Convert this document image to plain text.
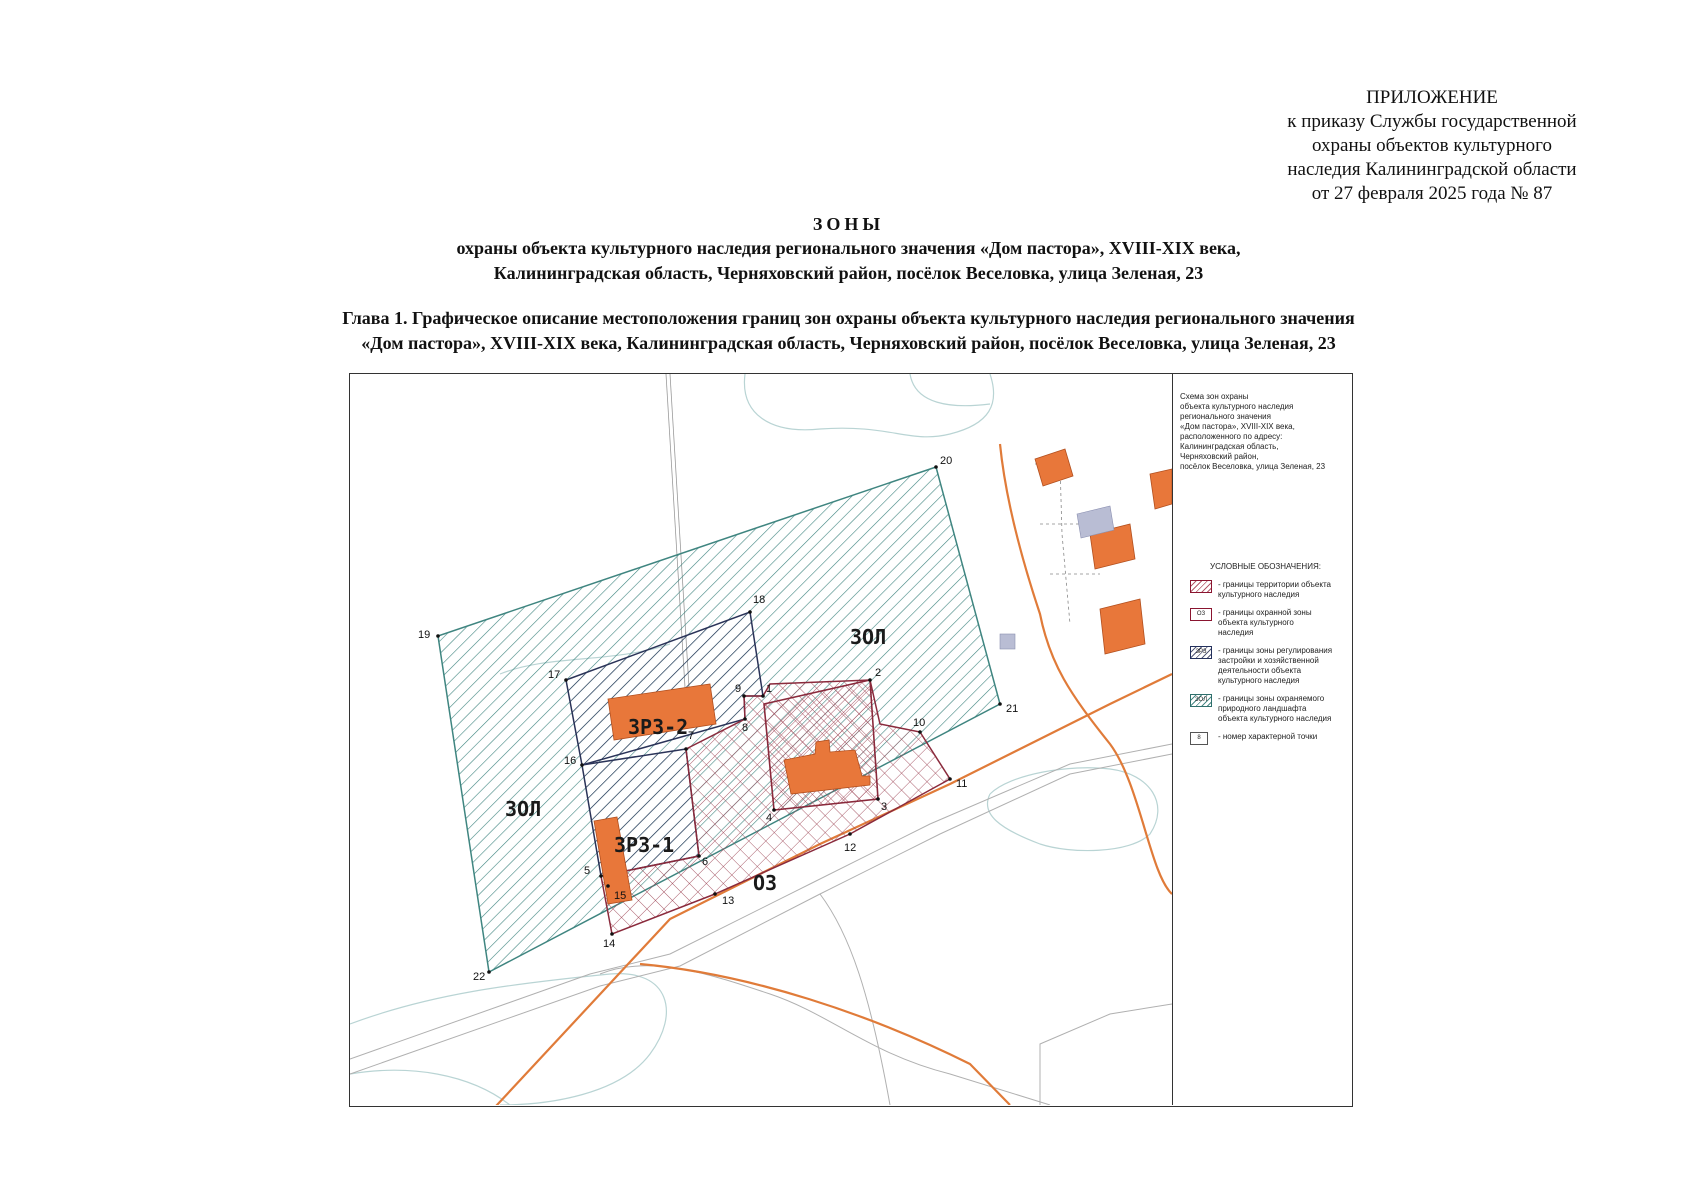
ПРИЛОЖЕНИЕ
к приказу Службы государственной
охраны объектов культурного
наследия Калининградской области
от 27 февраля 2025 года № 87
ЗОНЫ
охраны объекта культурного наследия регионального значения «Дом пастора», XVIII-XIX века,
Калининградская область, Черняховский район, посёлок Веселовка, улица Зеленая, 23
Глава 1. Графическое описание местоположения границ зон охраны объекта культурного наследия регионального значения
«Дом пастора», XVIII-XIX века, Калининградская область, Черняховский район, посёлок Веселовка, улица Зеленая, 23
ЗОЛ
ЗОЛ
ЗРЗ-2
ЗРЗ-1
ОЗ
1
2
3
4
5
6
7
8
9
10
11
12
13
14
15
16
17
18
19
20
21
22
Схема зон охраны
объекта культурного наследия
регионального значения
«Дом пастора», XVIII-XIX века,
расположенного по адресу:
Калининградская область,
Черняховский район,
посёлок Веселовка, улица Зеленая, 23
УСЛОВНЫЕ ОБОЗНАЧЕНИЯ:
- границы территории объекта
культурного наследия
ОЗ	- границы охранной зоны
объекта культурного
наследия
ЗРЗ	- границы зоны регулирования
застройки и хозяйственной
деятельности объекта
культурного наследия
ЗОЛ	- границы зоны охраняемого
природного ландшафта
объекта культурного наследия
8	- номер характерной точки
